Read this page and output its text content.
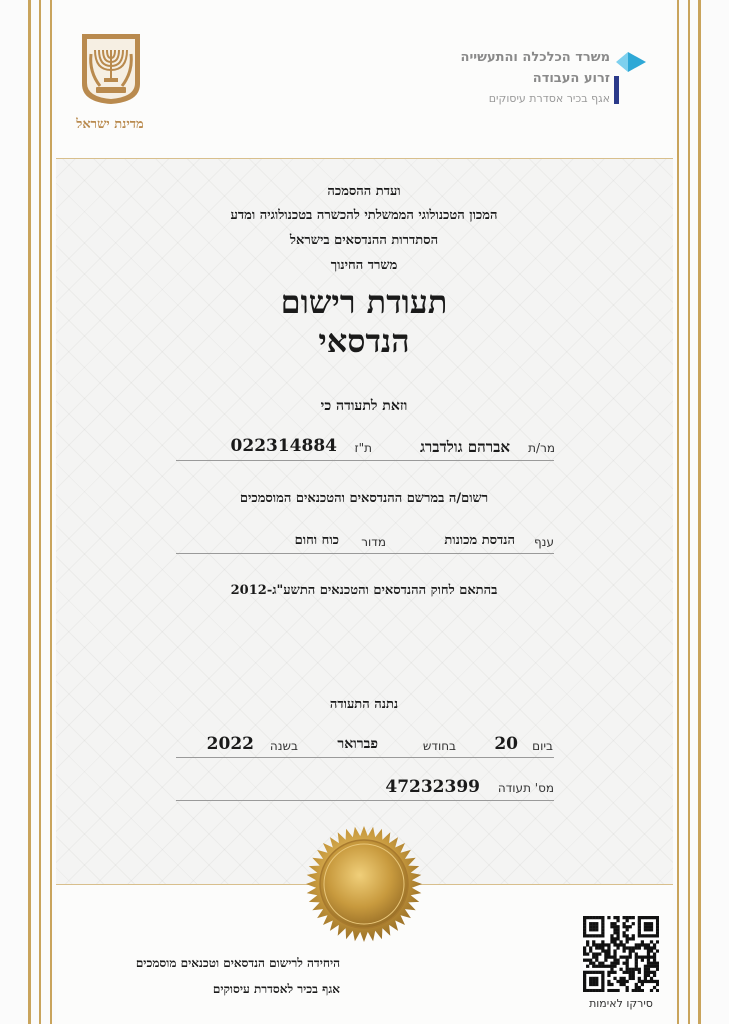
מדינת ישראל
משרד הכלכלה והתעשייה
זרוע העבודה
אגף בכיר אסדרת עיסוקים
ועדת ההסמכה
המכון הטכנולוגי הממשלתי להכשרה בטכנולוגיה ומדע
הסתדרות ההנדסאים בישראל
משרד החינוך
תעודת רישום
הנדסאי
וזאת לתעודה כי
מר/ת
אברהם גולדברג
ת"ז
022314884
רשום/ה במרשם ההנדסאים והטכנאים המוסמכים
ענף
הנדסת מכונות
מדור
כוח וחום
בהתאם לחוק ההנדסאים והטכנאים התשע"ג-2012
נתנה התעודה
ביום
20
בחודש
פברואר
בשנה
2022
מס' תעודה
47232399
היחידה לרישום הנדסאים וטכנאים מוסמכים
אגף בכיר לאסדרת עיסוקים
סירקו לאימות
